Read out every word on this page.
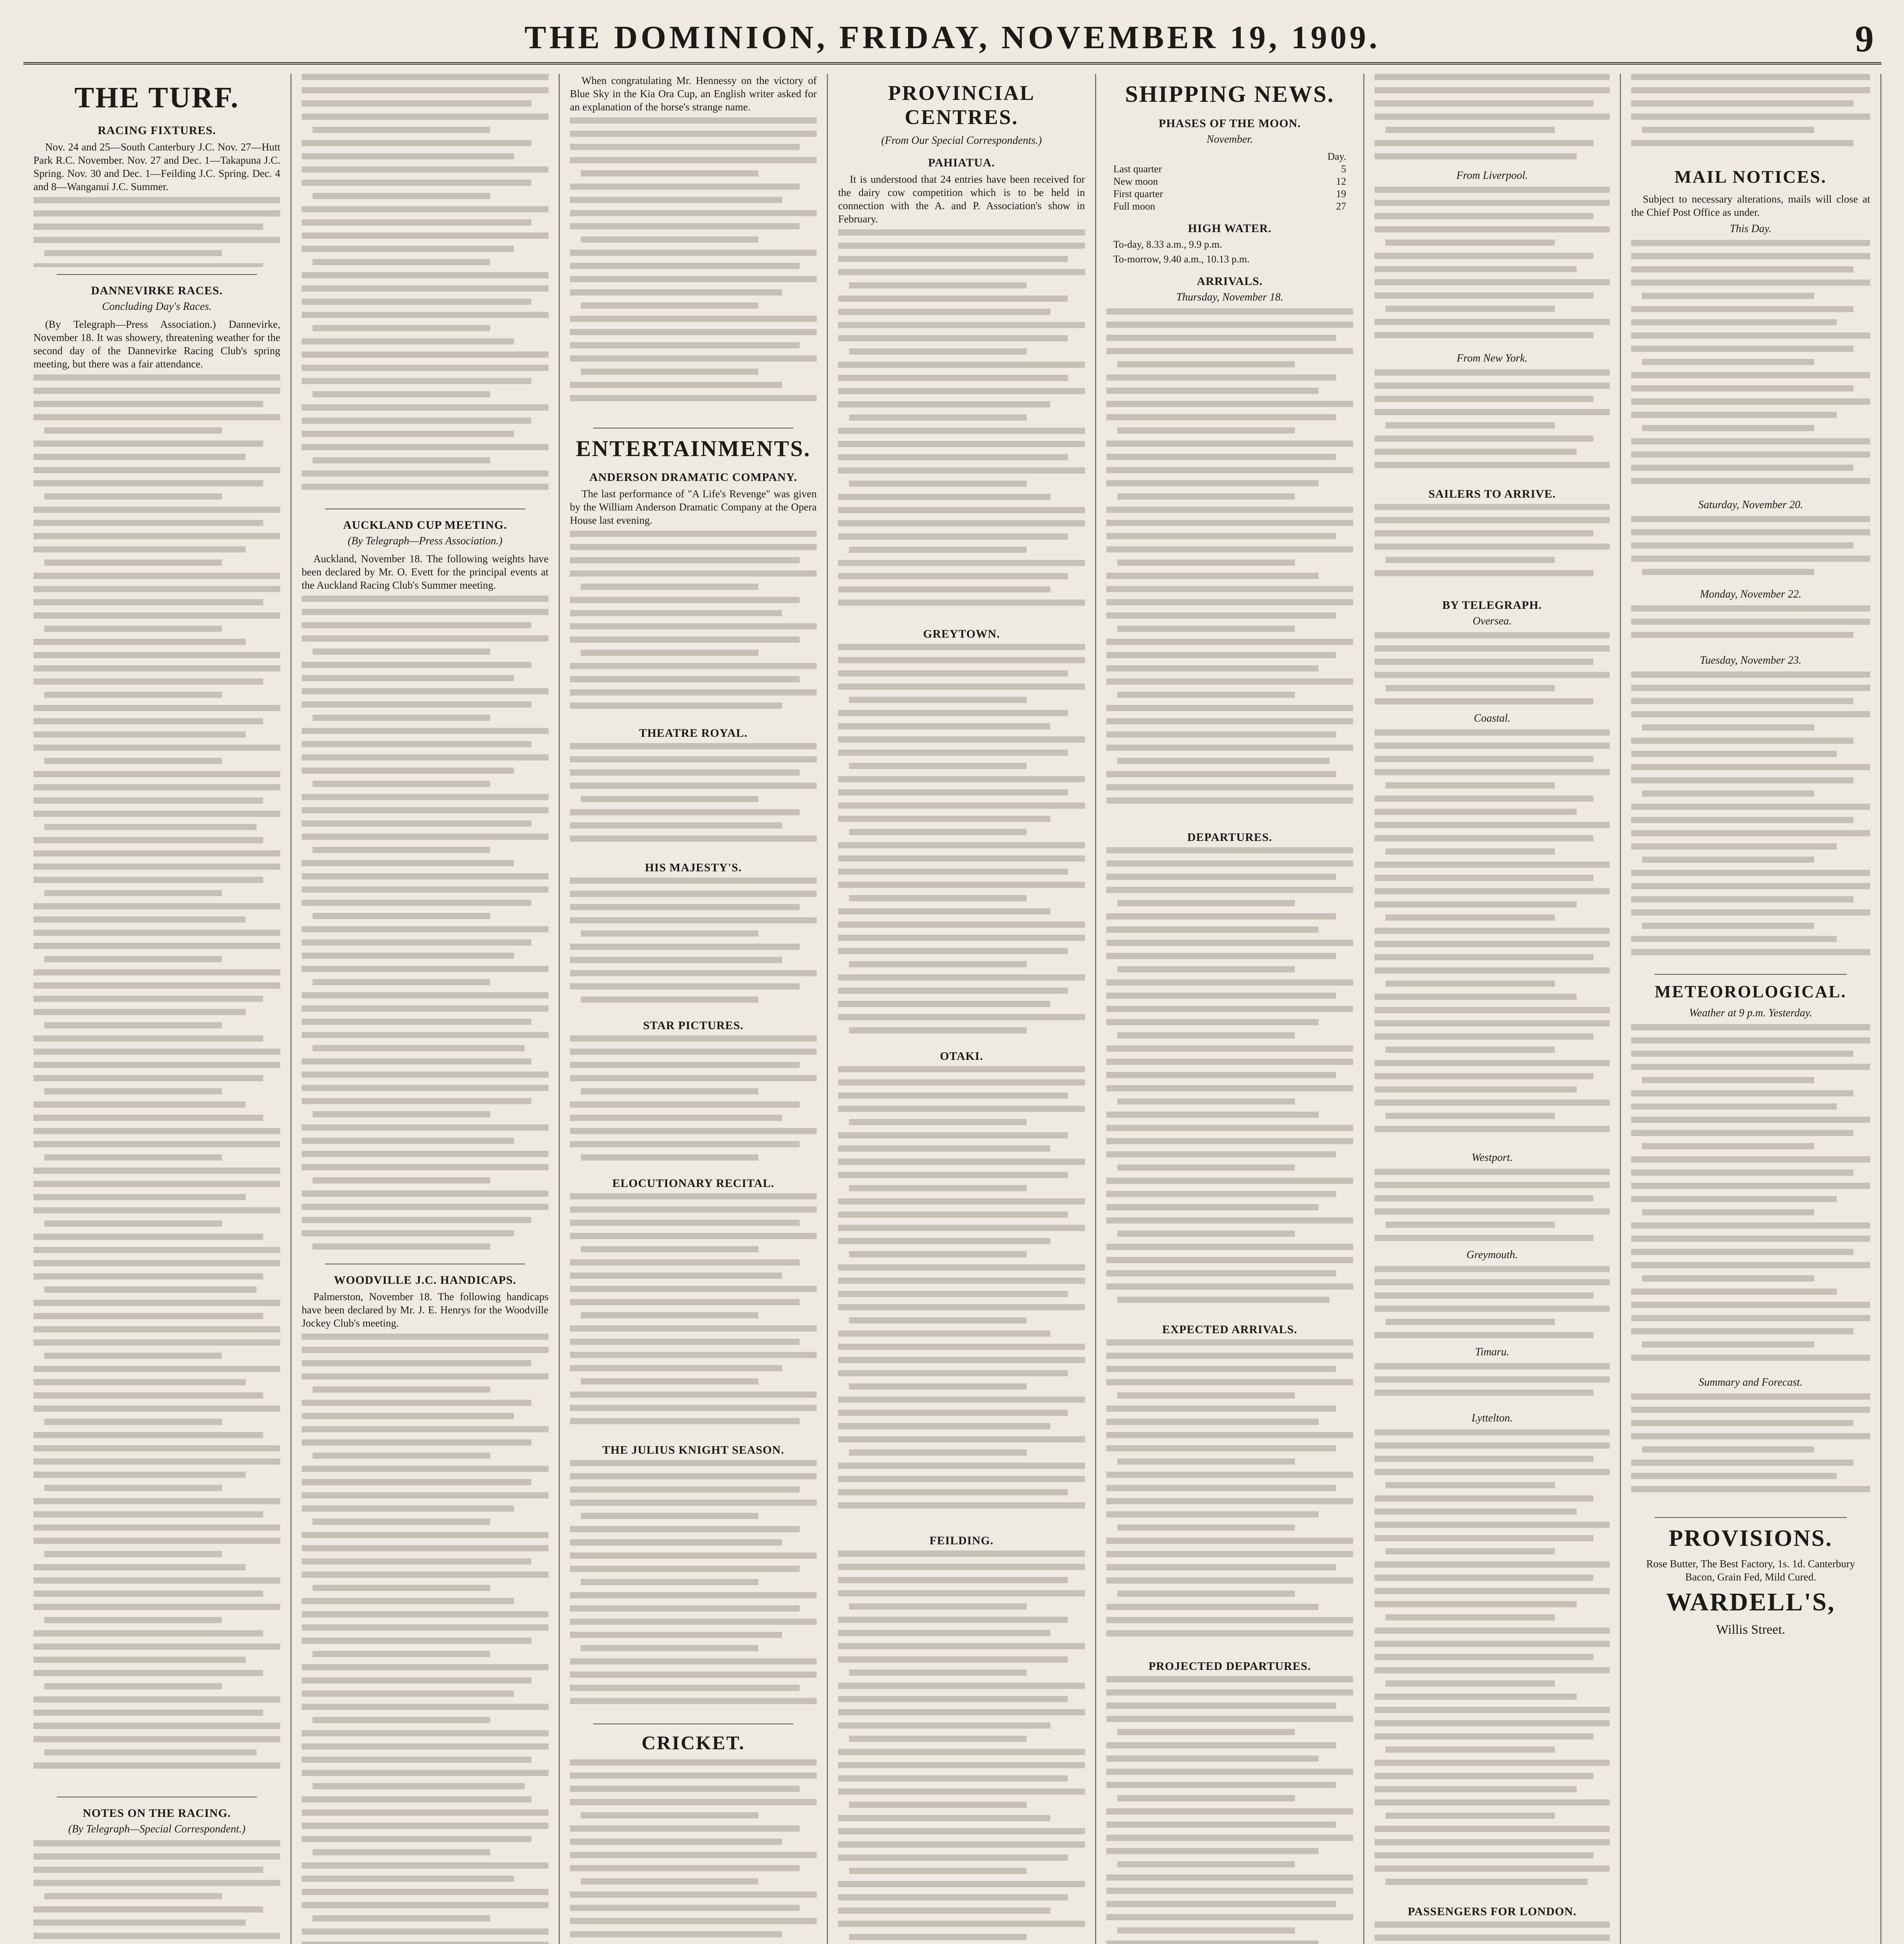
THE DOMINION, FRIDAY, NOVEMBER 19, 1909.	9
THE TURF.
RACING FIXTURES.
Nov. 24 and 25—South Canterbury J.C. Nov. 27—Hutt Park R.C. November. Nov. 27 and Dec. 1—Takapuna J.C. Spring. Nov. 30 and Dec. 1—Feilding J.C. Spring. Dec. 4 and 8—Wanganui J.C. Summer.
DANNEVIRKE RACES.
Concluding Day's Races.
(By Telegraph—Press Association.) Dannevirke, November 18. It was showery, threatening weather for the second day of the Dannevirke Racing Club's spring meeting, but there was a fair attendance.
NOTES ON THE RACING.
(By Telegraph—Special Correspondent.)
AUCKLAND CUP MEETING.
(By Telegraph—Press Association.)
Auckland, November 18. The following weights have been declared by Mr. O. Evett for the principal events at the Auckland Racing Club's Summer meeting.
WOODVILLE J.C. HANDICAPS.
Palmerston, November 18. The following handicaps have been declared by Mr. J. E. Henrys for the Woodville Jockey Club's meeting.
When congratulating Mr. Hennessy on the victory of Blue Sky in the Kia Ora Cup, an English writer asked for an explanation of the horse's strange name.
ENTERTAINMENTS.
ANDERSON DRAMATIC COMPANY.
The last performance of "A Life's Revenge" was given by the William Anderson Dramatic Company at the Opera House last evening.
THEATRE ROYAL.
HIS MAJESTY'S.
STAR PICTURES.
ELOCUTIONARY RECITAL.
THE JULIUS KNIGHT SEASON.
CRICKET.
PROVINCIAL CENTRES.
(From Our Special Correspondents.)
PAHIATUA.
It is understood that 24 entries have been received for the dairy cow competition which is to be held in connection with the A. and P. Association's show in February.
GREYTOWN.
OTAKI.
FEILDING.
SHIPPING NEWS.
PHASES OF THE MOON.
November.
Day.
Last quarter	5
New moon	12
First quarter	19
Full moon	27
HIGH WATER.
To-day, 8.33 a.m., 9.9 p.m.
To-morrow, 9.40 a.m., 10.13 p.m.
ARRIVALS.
Thursday, November 18.
DEPARTURES.
EXPECTED ARRIVALS.
PROJECTED DEPARTURES.
From Liverpool.
From New York.
SAILERS TO ARRIVE.
BY TELEGRAPH.
Oversea.
Coastal.
Westport.
Greymouth.
Timaru.
Lyttelton.
PASSENGERS FOR LONDON.
MAIL NOTICES.
Subject to necessary alterations, mails will close at the Chief Post Office as under.
This Day.
Saturday, November 20.
Monday, November 22.
Tuesday, November 23.
METEOROLOGICAL.
Weather at 9 p.m. Yesterday.
Summary and Forecast.
PROVISIONS.
Rose Butter, The Best Factory, 1s. 1d. Canterbury Bacon, Grain Fed, Mild Cured.
WARDELL'S,
Willis Street.
